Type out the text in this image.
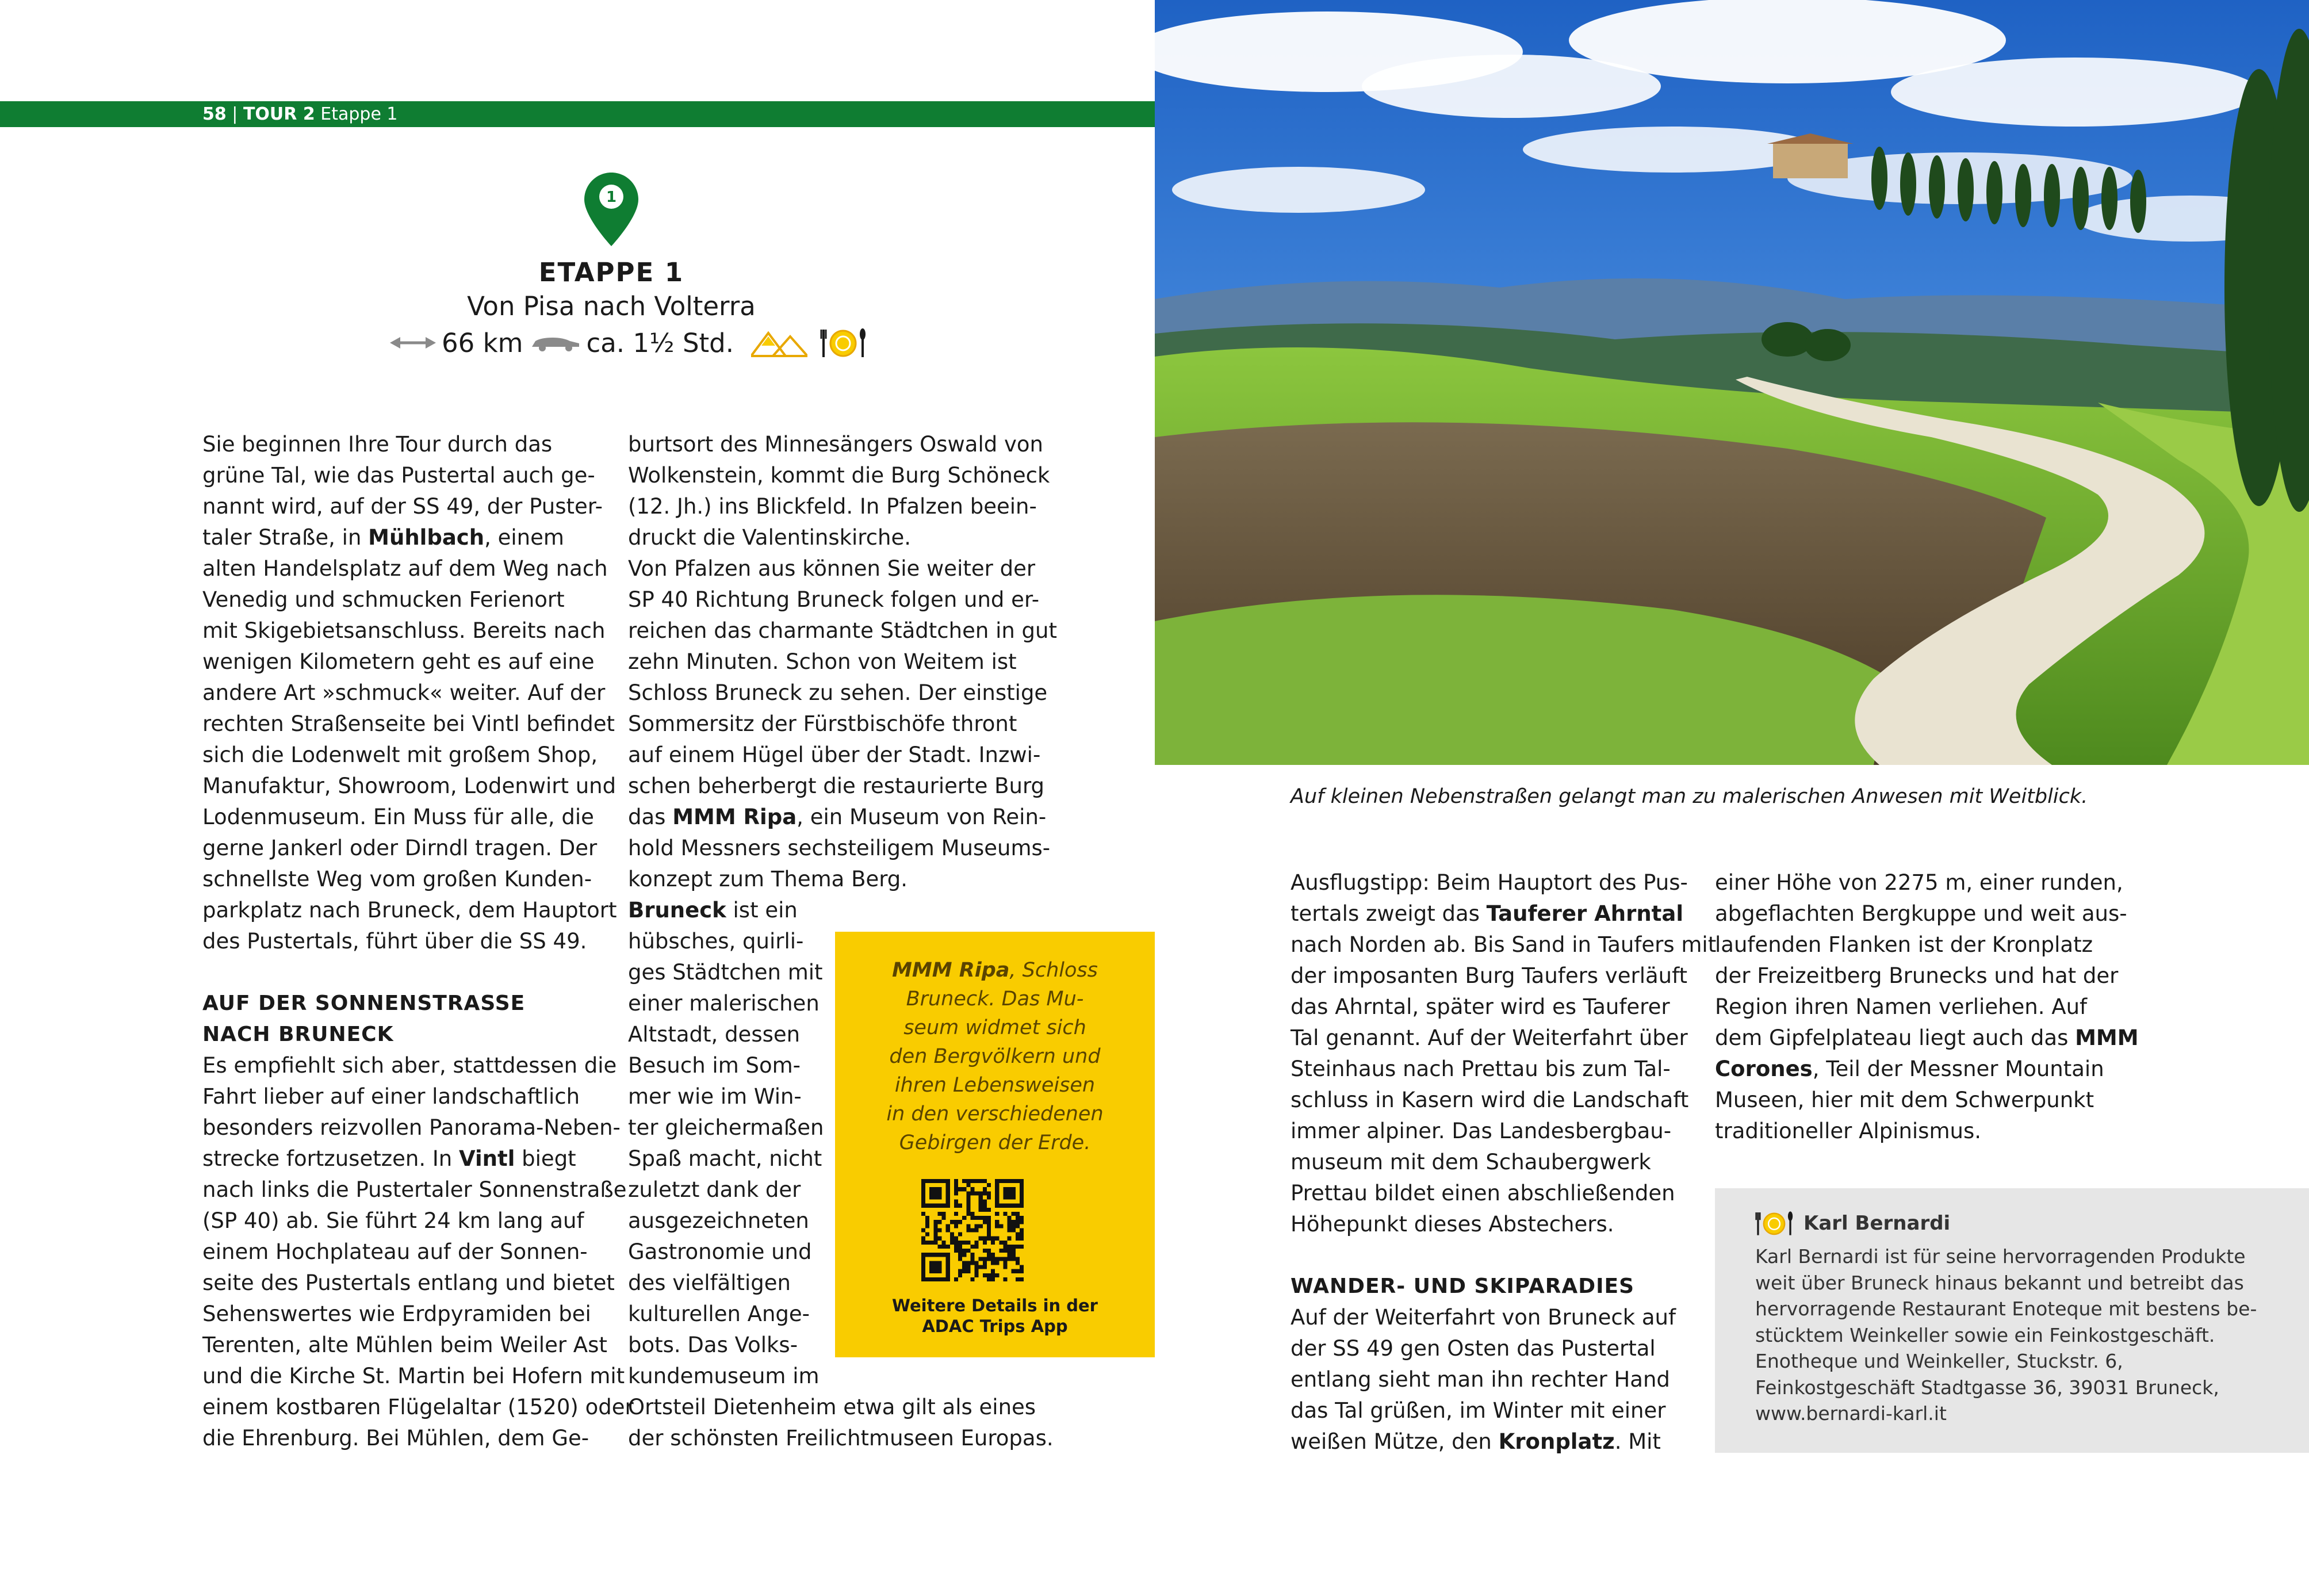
58 | TOUR 2 Etappe 1
1
ETAPPE 1
Von Pisa nach Volterra
66 km ca. 1½ Std.

Sie beginnen Ihre Tour durch das

grüne Tal, wie das Pustertal auch ge-

nannt wird, auf der SS 49, der Puster-

taler Straße, in Mühlbach, einem

alten Handelsplatz auf dem Weg nach

Venedig und schmucken Ferienort

mit Skigebietsanschluss. Bereits nach

wenigen Kilometern geht es auf eine

andere Art »schmuck« weiter. Auf der

rechten Straßenseite bei Vintl befindet

sich die Lodenwelt mit großem Shop,

Manufaktur, Showroom, Lodenwirt und

Lodenmuseum. Ein Muss für alle, die

gerne Jankerl oder Dirndl tragen. Der

schnellste Weg vom großen Kunden-

parkplatz nach Bruneck, dem Hauptort

des Pustertals, führt über die SS 49.

AUF DER SONNENSTRASSE
NACH BRUNECK

Es empfiehlt sich aber, stattdessen die

Fahrt lieber auf einer landschaftlich

besonders reizvollen Panorama-Neben-

strecke fortzusetzen. In Vintl biegt

nach links die Pustertaler Sonnenstraße

(SP 40) ab. Sie führt 24 km lang auf

einem Hochplateau auf der Sonnen-

seite des Pustertals entlang und bietet

Sehenswertes wie Erdpyramiden bei

Terenten, alte Mühlen beim Weiler Ast

und die Kirche St. Martin bei Hofern mit

einem kostbaren Flügelaltar (1520) oder

die Ehrenburg. Bei Mühlen, dem Ge-

burtsort des Minnesängers Oswald von

Wolkenstein, kommt die Burg Schöneck

(12. Jh.) ins Blickfeld. In Pfalzen beein-

druckt die Valentinskirche.

Von Pfalzen aus können Sie weiter der

SP 40 Richtung Bruneck folgen und er-

reichen das charmante Städtchen in gut

zehn Minuten. Schon von Weitem ist

Schloss Bruneck zu sehen. Der einstige

Sommersitz der Fürstbischöfe thront

auf einem Hügel über der Stadt. Inzwi-

schen beherbergt die restaurierte Burg

das MMM Ripa, ein Museum von Rein-

hold Messners sechsteiligem Museums-

konzept zum Thema Berg.

Bruneck ist ein

hübsches, quirli-

ges Städtchen mit

einer malerischen

Altstadt, dessen

Besuch im Som-

mer wie im Win-

ter gleichermaßen

Spaß macht, nicht

zuletzt dank der

ausgezeichneten

Gastronomie und

des vielfältigen

kulturellen Ange-

bots. Das Volks-

kundemuseum im

Ortsteil Dietenheim etwa gilt als eines

der schönsten Freilichtmuseen Europas.

MMM Ripa, Schloss

Bruneck. Das Mu-

seum widmet sich

den Bergvölkern und

ihren Lebensweisen

in den verschiedenen

Gebirgen der Erde.

Weitere Details in der
ADAC Trips App
Auf kleinen Nebenstraßen gelangt man zu malerischen Anwesen mit Weitblick.

Ausflugstipp: Beim Hauptort des Pus-

tertals zweigt das Tauferer Ahrntal

nach Norden ab. Bis Sand in Taufers mit

der imposanten Burg Taufers verläuft

das Ahrntal, später wird es Tauferer

Tal genannt. Auf der Weiterfahrt über

Steinhaus nach Prettau bis zum Tal-

schluss in Kasern wird die Landschaft

immer alpiner. Das Landesbergbau-

museum mit dem Schaubergwerk

Prettau bildet einen abschließenden

Höhepunkt dieses Abstechers.

WANDER- UND SKIPARADIES

Auf der Weiterfahrt von Bruneck auf

der SS 49 gen Osten das Pustertal

entlang sieht man ihn rechter Hand

das Tal grüßen, im Winter mit einer

weißen Mütze, den Kronplatz. Mit

einer Höhe von 2275 m, einer runden,

abgeflachten Bergkuppe und weit aus-

laufenden Flanken ist der Kronplatz

der Freizeitberg Brunecks und hat der

Region ihren Namen verliehen. Auf

dem Gipfelplateau liegt auch das MMM

Corones, Teil der Messner Mountain

Museen, hier mit dem Schwerpunkt

traditioneller Alpinismus.

Karl Bernardi

Karl Bernardi ist für seine hervorragenden Produkte

weit über Bruneck hinaus bekannt und betreibt das

hervorragende Restaurant Enoteque mit bestens be-

stücktem Weinkeller sowie ein Feinkostgeschäft.

Enotheque und Weinkeller, Stuckstr. 6,

Feinkostgeschäft Stadtgasse 36, 39031 Bruneck,

www.bernardi-karl.it
